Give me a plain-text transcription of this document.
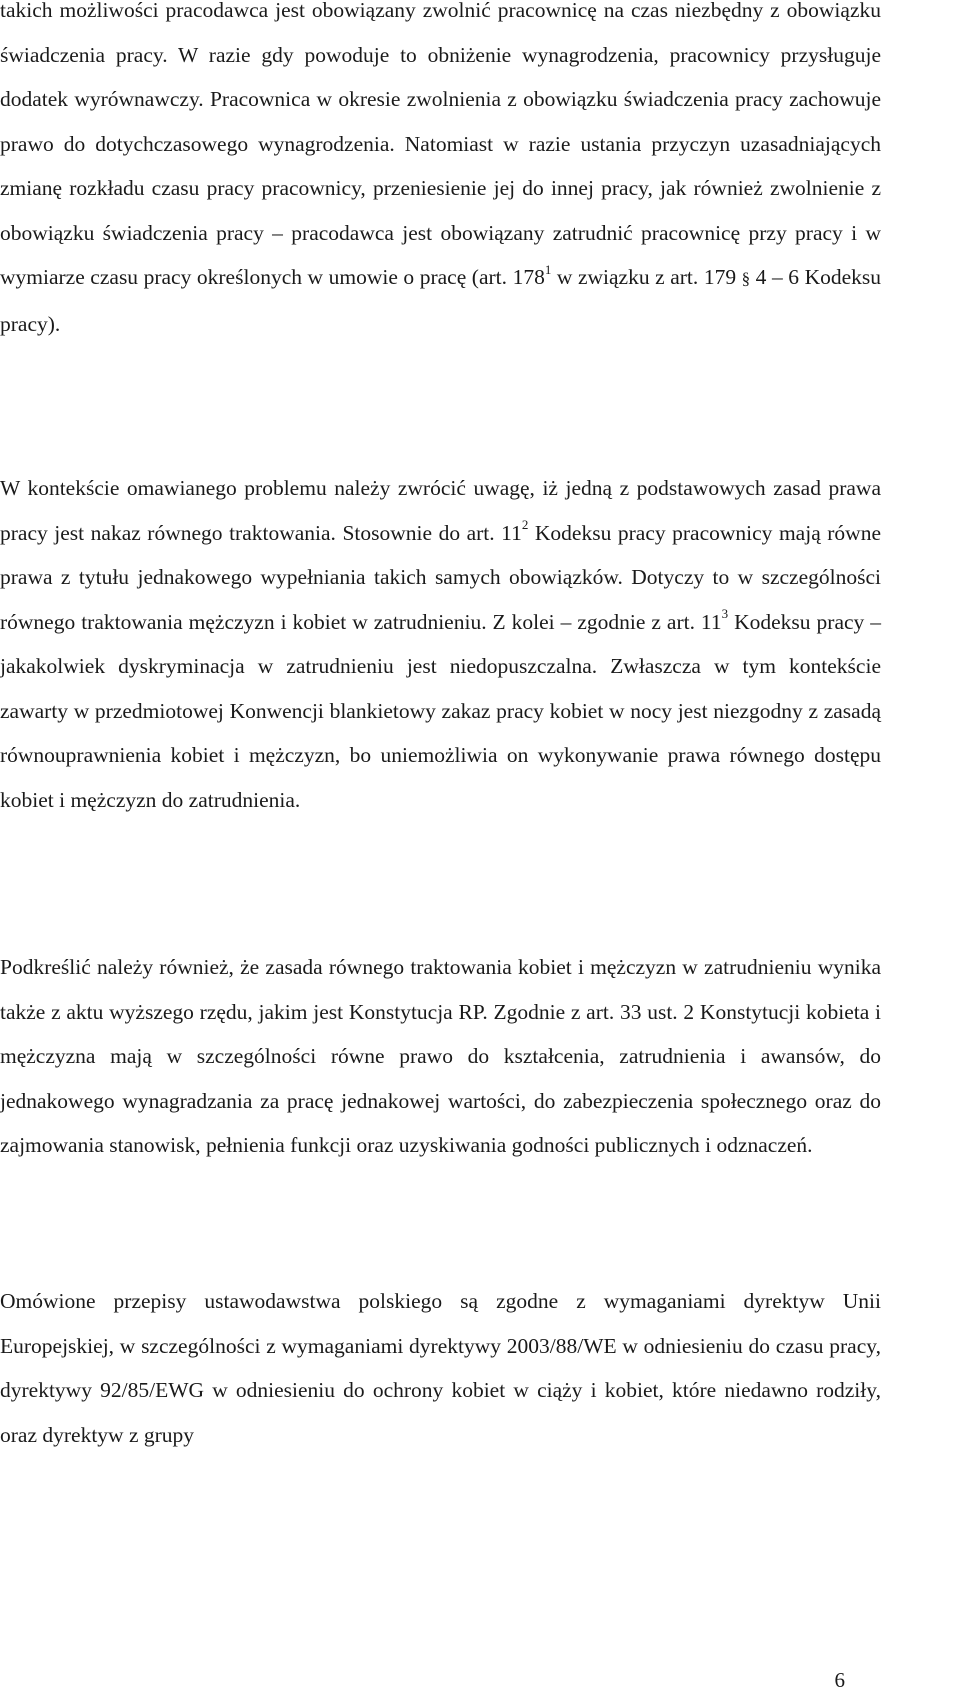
takich możliwości pracodawca jest obowiązany zwolnić pracownicę na czas niezbędny z obowiązku świadczenia pracy. W razie gdy powoduje to obniżenie wynagrodzenia, pracownicy przysługuje dodatek wyrównawczy. Pracownica w okresie zwolnienia z obowiązku świadczenia pracy zachowuje prawo do dotychczasowego wynagrodzenia. Natomiast w razie ustania przyczyn uzasadniających zmianę rozkładu czasu pracy pracownicy, przeniesienie jej do innej pracy, jak również zwolnienie z obowiązku świadczenia pracy – pracodawca jest obowiązany zatrudnić pracownicę przy pracy i w wymiarze czasu pracy określonych w umowie o pracę (art. $178^1$ w związku z art. 179 § 4 – 6 Kodeksu pracy).

W kontekście omawianego problemu należy zwrócić uwagę, iż jedną z podstawowych zasad prawa pracy jest nakaz równego traktowania. Stosownie do art. $11^2$ Kodeksu pracy pracownicy mają równe prawa z tytułu jednakowego wypełniania takich samych obowiązków. Dotyczy to w szczególności równego traktowania mężczyzn i kobiet w zatrudnieniu. Z kolei – zgodnie z art. $11^3$ Kodeksu pracy – jakakolwiek dyskryminacja w zatrudnieniu jest niedopuszczalna. Zwłaszcza w tym kontekście zawarty w przedmiotowej Konwencji blankietowy zakaz pracy kobiet w nocy jest niezgodny z zasadą równouprawnienia kobiet i mężczyzn, bo uniemożliwia on wykonywanie prawa równego dostępu kobiet i mężczyzn do zatrudnienia.

Podkreślić należy również, że zasada równego traktowania kobiet i mężczyzn w zatrudnieniu wynika także z aktu wyższego rzędu, jakim jest Konstytucja RP. Zgodnie z art. 33 ust. 2 Konstytucji kobieta i mężczyzna mają w szczególności równe prawo do kształcenia, zatrudnienia i awansów, do jednakowego wynagradzania za pracę jednakowej wartości, do zabezpieczenia społecznego oraz do zajmowania stanowisk, pełnienia funkcji oraz uzyskiwania godności publicznych i odznaczeń.

Omówione przepisy ustawodawstwa polskiego są zgodne z wymaganiami dyrektyw Unii Europejskiej, w szczególności z wymaganiami dyrektywy 2003/88/WE w odniesieniu do czasu pracy, dyrektywy 92/85/EWG w odniesieniu do ochrony kobiet w ciąży i kobiet, które niedawno rodziły, oraz dyrektyw z grupy

6
